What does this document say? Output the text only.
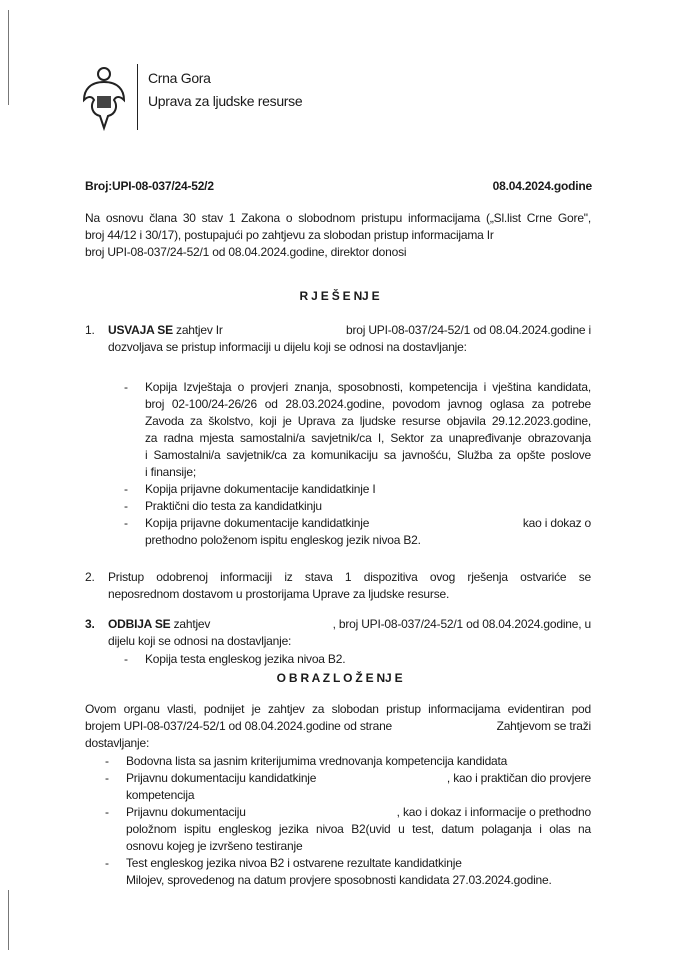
Crna Gora
Uprava za ljudske resurse
Broj:UPI-08-037/24-52/2	08.04.2024.godine
Na osnovu člana 30 stav 1 Zakona o slobodnom pristupu informacijama („Sl.list Crne Gore",
broj 44/12 i 30/17), postupajući po zahtjevu za slobodan pristup informacijama Ir
broj UPI-08-037/24-52/1 od 08.04.2024.godine, direktor donosi
R J E Š E NJ E
1. USVAJA SE zahtjev Ir	broj UPI-08-037/24-52/1 od 08.04.2024.godine i
dozvoljava se pristup informaciji u dijelu koji se odnosi na dostavljanje:
- Kopija Izvještaja o provjeri znanja, sposobnosti, kompetencija i vještina kandidata,
broj 02-100/24-26/26 od 28.03.2024.godine, povodom javnog oglasa za potrebe
Zavoda za školstvo, koji je Uprava za ljudske resurse objavila 29.12.2023.godine,
za radna mjesta samostalni/a savjetnik/ca I, Sektor za unapređivanje obrazovanja
i Samostalni/a savjetnik/ca za komunikaciju sa javnošću, Služba za opšte poslove
i finansije;
- Kopija prijavne dokumentacije kandidatkinje I
- Praktični dio testa za kandidatkinju
- Kopija prijavne dokumentacije kandidatkinje	kao i dokaz o
prethodno položenom ispitu engleskog jezik nivoa B2.
2. Pristup odobrenoj informaciji iz stava 1 dispozitiva ovog rješenja ostvariće se
neposrednom dostavom u prostorijama Uprave za ljudske resurse.
3. ODBIJA SE zahtjev	, broj UPI-08-037/24-52/1 od 08.04.2024.godine, u
dijelu koji se odnosi na dostavljanje:
- Kopija testa engleskog jezika nivoa B2.
O B R A Z L O Ž E NJ E
Ovom organu vlasti, podnijet je zahtjev za slobodan pristup informacijama evidentiran pod
brojem UPI-08-037/24-52/1 od 08.04.2024.godine od strane	Zahtjevom se traži
dostavljanje:
- Bodovna lista sa jasnim kriterijumima vrednovanja kompetencija kandidata
- Prijavnu dokumentaciju kandidatkinje	, kao i praktičan dio provjere
kompetencija
- Prijavnu dokumentaciju	, kao i dokaz i informacije o prethodno
položnom ispitu engleskog jezika nivoa B2(uvid u test, datum polaganja i olas na
osnovu kojeg je izvršeno testiranje
- Test engleskog jezika nivoa B2 i ostvarene rezultate kandidatkinje
Milojev, sprovedenog na datum provjere sposobnosti kandidata 27.03.2024.godine.
